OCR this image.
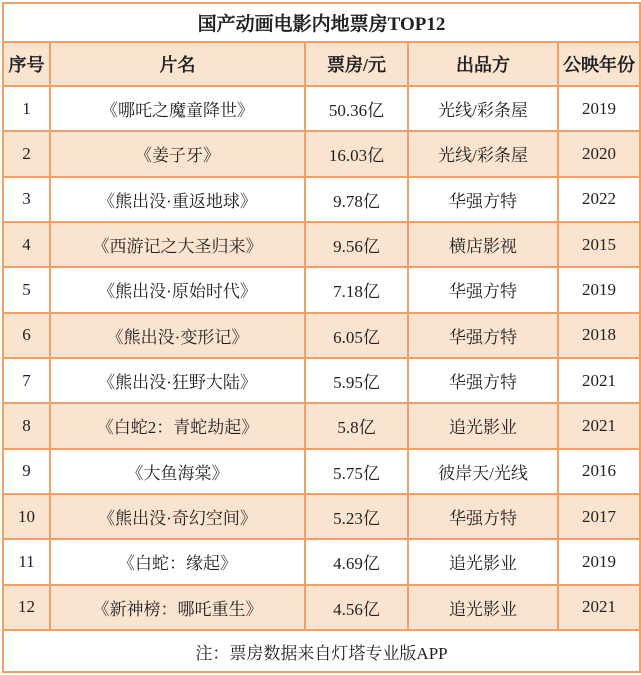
国产动画电影内地票房TOP12				
序号	片名	票房/元	出品方	公映年份
1	《哪吒之魔童降世》	50.36亿	光线/彩条屋	2019
2	《姜子牙》	16.03亿	光线/彩条屋	2020
3	《熊出没·重返地球》	9.78亿	华强方特	2022
4	《西游记之大圣归来》	9.56亿	横店影视	2015
5	《熊出没·原始时代》	7.18亿	华强方特	2019
6	《熊出没·变形记》	6.05亿	华强方特	2018
7	《熊出没·狂野大陆》	5.95亿	华强方特	2021
8	《白蛇2：青蛇劫起》	5.8亿	追光影业	2021
9	《大鱼海棠》	5.75亿	彼岸天/光线	2016
10	《熊出没·奇幻空间》	5.23亿	华强方特	2017
11	《白蛇：缘起》	4.69亿	追光影业	2019
12	《新神榜：哪吒重生》	4.56亿	追光影业	2021
注：票房数据来自灯塔专业版APP				
